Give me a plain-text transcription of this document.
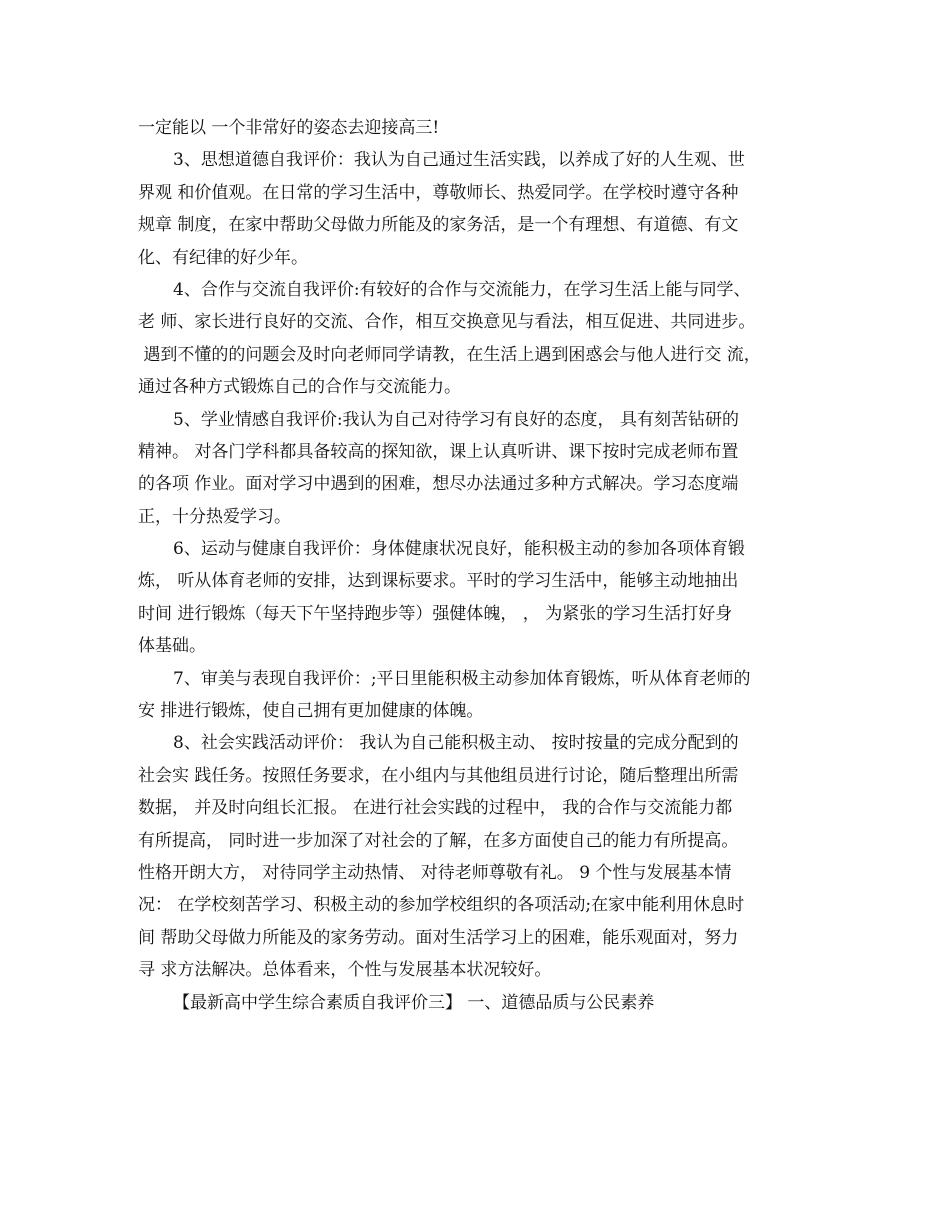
一定能以 一个非常好的姿态去迎接高三!
3、思想道德自我评价：我认为自己通过生活实践，以养成了好的人生观、世
界观 和价值观。在日常的学习生活中，尊敬师长、热爱同学。在学校时遵守各种
规章 制度，在家中帮助父母做力所能及的家务活，是一个有理想、有道德、有文
化、有纪律的好少年。
4、合作与交流自我评价:有较好的合作与交流能力，在学习生活上能与同学、
老 师、家长进行良好的交流、合作，相互交换意见与看法，相互促进、共同进步。
遇到不懂的的问题会及时向老师同学请教，在生活上遇到困惑会与他人进行交 流，
通过各种方式锻炼自己的合作与交流能力。
5、学业情感自我评价:我认为自己对待学习有良好的态度， 具有刻苦钻研的
精神。 对各门学科都具备较高的探知欲，课上认真听讲、课下按时完成老师布置
的各项 作业。面对学习中遇到的困难，想尽办法通过多种方式解决。学习态度端
正，十分热爱学习。
6、运动与健康自我评价：身体健康状况良好，能积极主动的参加各项体育锻
炼， 听从体育老师的安排，达到课标要求。平时的学习生活中，能够主动地抽出
时间 进行锻炼（每天下午坚持跑步等）强健体魄， ， 为紧张的学习生活打好身
体基础。
7、审美与表现自我评价：;平日里能积极主动参加体育锻炼，听从体育老师的
安 排进行锻炼，使自己拥有更加健康的体魄。
8、社会实践活动评价： 我认为自己能积极主动、 按时按量的完成分配到的
社会实 践任务。按照任务要求，在小组内与其他组员进行讨论，随后整理出所需
数据， 并及时向组长汇报。 在进行社会实践的过程中， 我的合作与交流能力都
有所提高， 同时进一步加深了对社会的了解，在多方面使自己的能力有所提高。
性格开朗大方， 对待同学主动热情、 对待老师尊敬有礼。 9 个性与发展基本情
况： 在学校刻苦学习、积极主动的参加学校组织的各项活动;在家中能利用休息时
间 帮助父母做力所能及的家务劳动。面对生活学习上的困难，能乐观面对，努力
寻 求方法解决。总体看来，个性与发展基本状况较好。
【最新高中学生综合素质自我评价三】 一、道德品质与公民素养
